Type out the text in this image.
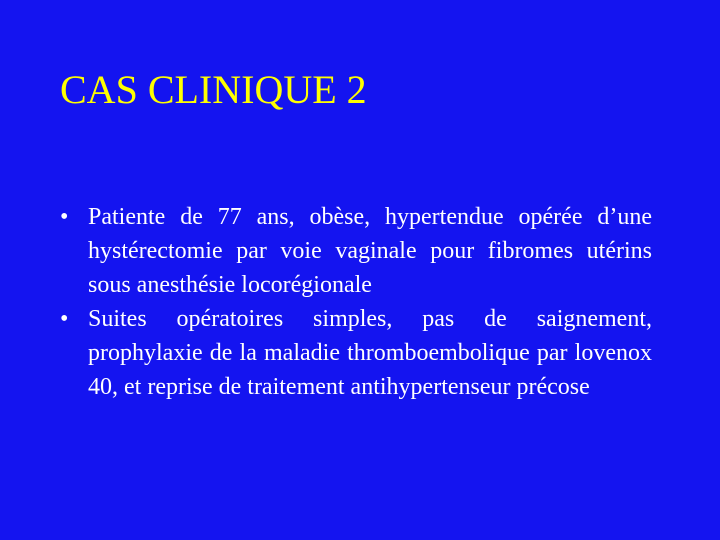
CAS CLINIQUE 2
• Patiente de 77 ans, obèse, hypertendue opérée d’une hystérectomie par voie vaginale pour fibromes utérins sous anesthésie locorégionale
• Suites opératoires simples, pas de saignement, prophylaxie de la maladie thromboembolique par lovenox 40, et reprise de traitement antihypertenseur précose
